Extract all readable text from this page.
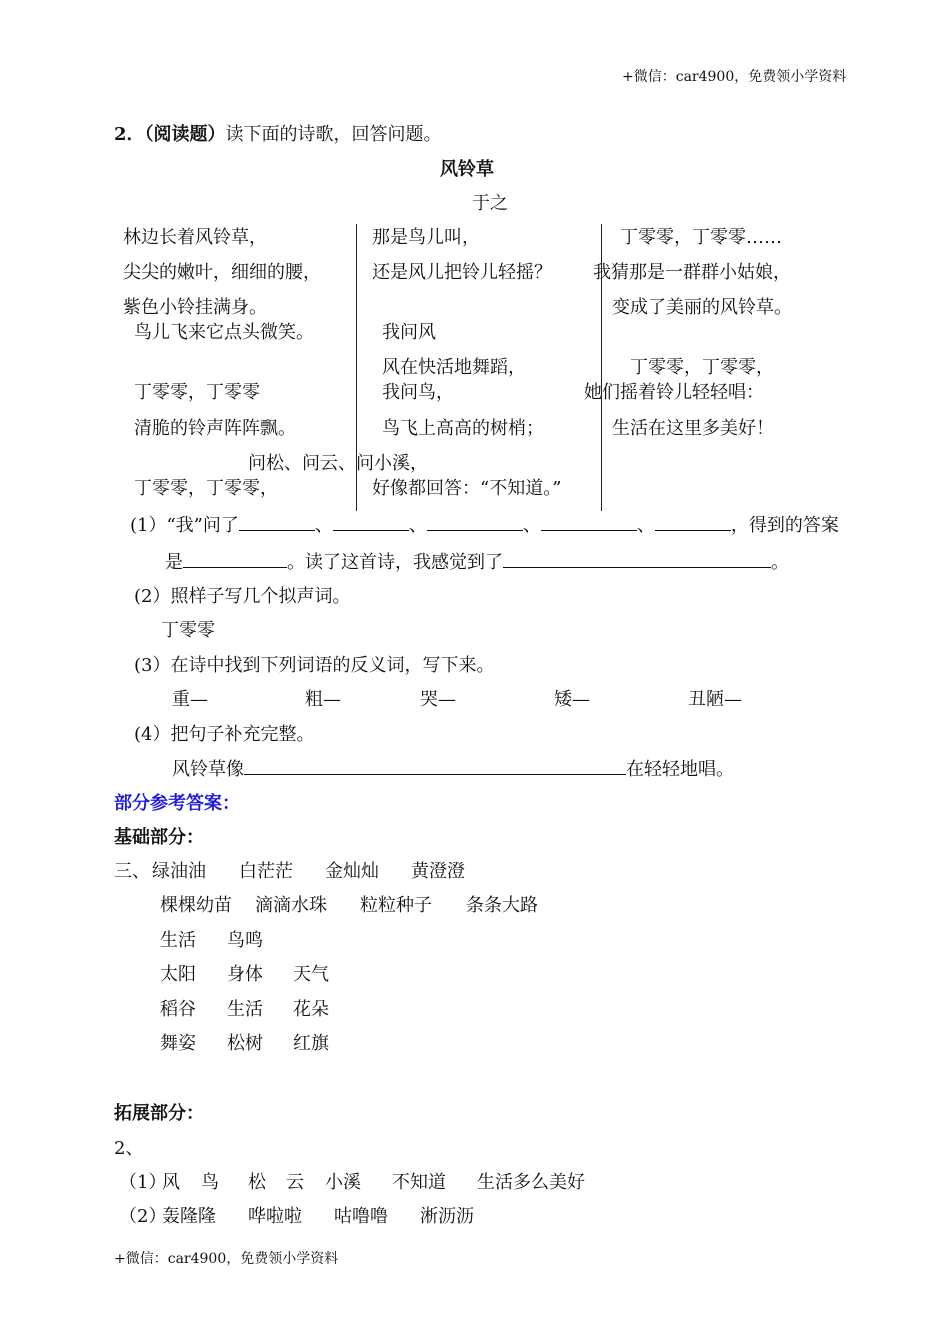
+微信：car4900，免费领小学资料
2．（阅读题）读下面的诗歌，回答问题。
风铃草
于之
林边长着风铃草，
尖尖的嫩叶，细细的腰，
紫色小铃挂满身。
鸟儿飞来它点头微笑。
丁零零，丁零零
清脆的铃声阵阵飘。
问松、问云、问小溪，
丁零零，丁零零，
那是鸟儿叫，
还是风儿把铃儿轻摇？
我问风
风在快活地舞蹈，
我问鸟，
鸟飞上高高的树梢；
好像都回答：“不知道。”
丁零零，丁零零……
我猜那是一群群小姑娘，
变成了美丽的风铃草。
丁零零，丁零零，
她们摇着铃儿轻轻唱：
生活在这里多美好！
(1）“我”问了	、	、	、	、	，得到的答案
是	。读了这首诗，我感觉到了	。
(2）照样子写几个拟声词。
丁零零
(3）在诗中找到下列词语的反义词，写下来。
重—	粗—	哭—	矮—	丑陋—
(4）把句子补充完整。
风铃草像	在轻轻地唱。
部分参考答案：
基础部分：
三、 绿油油 白茫茫 金灿灿 黄澄澄
棵棵幼苗 滴滴水珠 粒粒种子 条条大路
生活 鸟鸣
太阳 身体 天气
稻谷 生活 花朵
舞姿 松树 红旗
拓展部分：
2、
（1）
风 鸟 松 云 小溪 不知道 生活多么美好
（2）
轰隆隆 哗啦啦 咕噜噜 淅沥沥
+微信：car4900，免费领小学资料
